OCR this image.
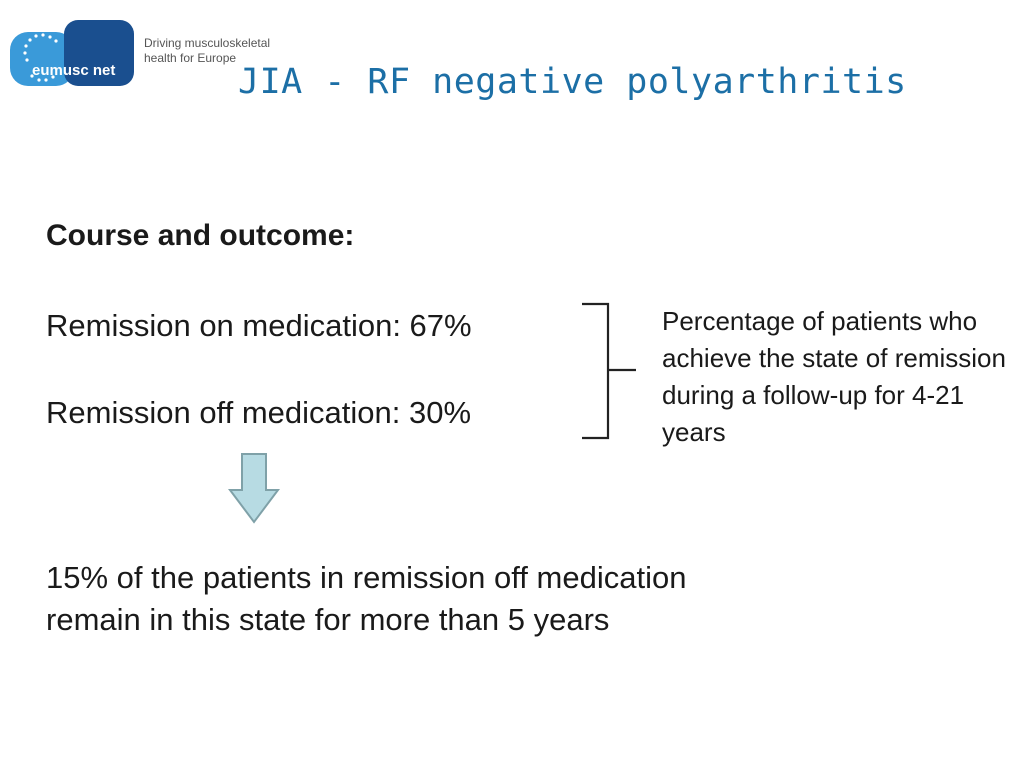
eumusc net
Driving musculoskeletal
health for Europe
JIA - RF negative polyarthritis
Course and outcome:
Remission on medication: 67%
Remission off medication: 30%
Percentage of patients who achieve the state of remission during a follow-up for 4-21 years
15% of the patients in remission off medication
remain in this state for more than 5 years
